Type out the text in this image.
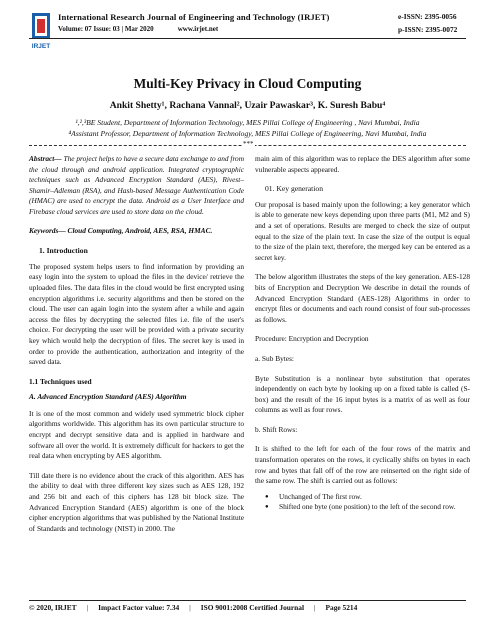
IRJET
International Research Journal of Engineering and Technology (IRJET)
Volume: 07 Issue: 03 | Mar 2020	www.irjet.net
e-ISSN: 2395-0056
p-ISSN: 2395-0072
Multi-Key Privacy in Cloud Computing
Ankit Shetty¹, Rachana Vannal², Uzair Pawaskar³, K. Suresh Babu⁴
¹,²,³BE Student, Department of Information Technology, MES Pillai College of Engineering , Navi Mumbai, India
⁴Assistant Professor, Department of Information Technology, MES Pillai College of Engineering, Navi Mumbai, India
***

Abstract— The project helps to have a secure data exchange to and from the cloud through and android application. Integrated cryptographic techniques such as Advanced Encryption Standard (AES), Rivest–Shamir–Adleman (RSA), and Hash-based Message Authentication Code (HMAC) are used to encrypt the data. Android as a User Interface and Firebase cloud services are used to store data on the cloud.

Keywords— Cloud Computing, Android, AES, RSA, HMAC.

1. Introduction

The proposed system helps users to find information by providing an easy login into the system to upload the files in the device/ retrieve the uploaded files. The data files in the cloud would be first encrypted using encryption algorithms i.e. security algorithms and then be stored on the cloud. The user can again login into the system after a while and again access the files by decrypting the selected files i.e. file of the user's choice. For decrypting the user will be provided with a private security key which would help the decryption of files. The secret key is used in order to provide the authentication, authorization and integrity of the saved data.

1.1 Techniques used
A. Advanced Encryption Standard (AES) Algorithm

It is one of the most common and widely used symmetric block cipher algorithms worldwide. This algorithm has its own particular structure to encrypt and decrypt sensitive data and is applied in hardware and software all over the world. It is extremely difficult for hackers to get the real data when encrypting by AES algorithm.

Till date there is no evidence about the crack of this algorithm. AES has the ability to deal with three different key sizes such as AES 128, 192 and 256 bit and each of this ciphers has 128 bit block size. The Advanced Encryption Standard (AES) algorithm is one of the block cipher encryption algorithms that was published by the National Institute of Standards and technology (NIST) in 2000. The

main aim of this algorithm was to replace the DES algorithm after some vulnerable aspects appeared.

01. Key generation

Our proposal is based mainly upon the following; a key generator which is able to generate new keys depending upon three parts (M1, M2 and S) and a set of operations. Results are merged to check the size of output equal to the size of the plain text. In case the size of the output is equal to the size of the plain text, therefore, the merged key can be entered as a secret key.

The below algorithm illustrates the steps of the key generation. AES-128 bits of Encryption and Decryption We describe in detail the rounds of Advanced Encryption Standard (AES-128) Algorithms in order to encrypt files or documents and each round consist of four sub-processes as follows.

Procedure: Encryption and Decryption

a. Sub Bytes:

Byte Substitution is a nonlinear byte substitution that operates independently on each byte by looking up on a fixed table is called (S-box) and the result of the 16 input bytes is a matrix of as well as four columns as well as four rows.

b. Shift Rows:

It is shifted to the left for each of the four rows of the matrix and transformation operates on the rows, it cyclically shifts on bytes in each row and bytes that fall off of the row are reinserted on the right side of the same row. The shift is carried out as follows:

● Unchanged of The first row.
● Shifted one byte (one position) to the left of the second row.
© 2020, IRJET | Impact Factor value: 7.34 | ISO 9001:2008 Certified Journal | Page 5214
